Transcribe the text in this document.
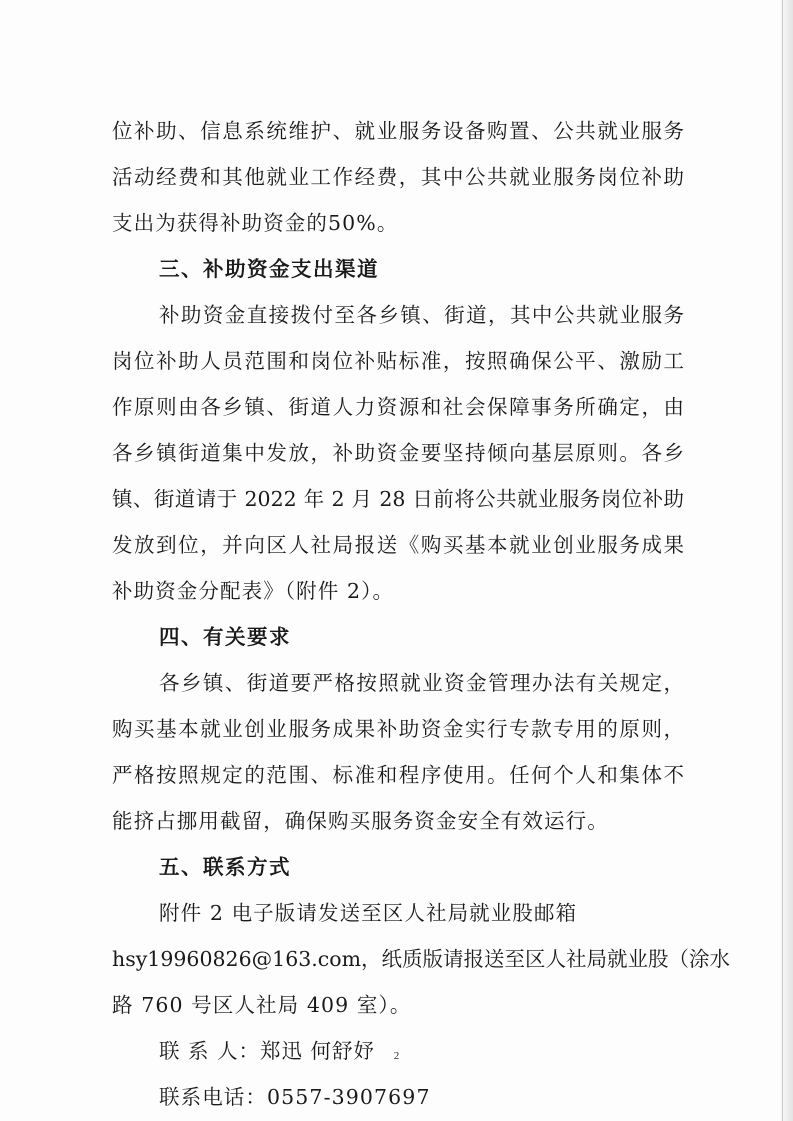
位补助、信息系统维护、就业服务设备购置、公共就业服务
活动经费和其他就业工作经费，其中公共就业服务岗位补助
支出为获得补助资金的50%。
三、补助资金支出渠道
补助资金直接拨付至各乡镇、街道，其中公共就业服务
岗位补助人员范围和岗位补贴标准，按照确保公平、激励工
作原则由各乡镇、街道人力资源和社会保障事务所确定，由
各乡镇街道集中发放，补助资金要坚持倾向基层原则。各乡
镇、街道请于 2022 年 2 月 28 日前将公共就业服务岗位补助
发放到位，并向区人社局报送《购买基本就业创业服务成果
补助资金分配表》（附件 2）。
四、有关要求
各乡镇、街道要严格按照就业资金管理办法有关规定，
购买基本就业创业服务成果补助资金实行专款专用的原则，
严格按照规定的范围、标准和程序使用。任何个人和集体不
能挤占挪用截留，确保购买服务资金安全有效运行。
五、联系方式
附件 2 电子版请发送至区人社局就业股邮箱
hsy19960826@163.com，纸质版请报送至区人社局就业股（涂水
路 760 号区人社局 409 室）。
联 系 人：郑迅 何舒妤
联系电话：0557-3907697
2
